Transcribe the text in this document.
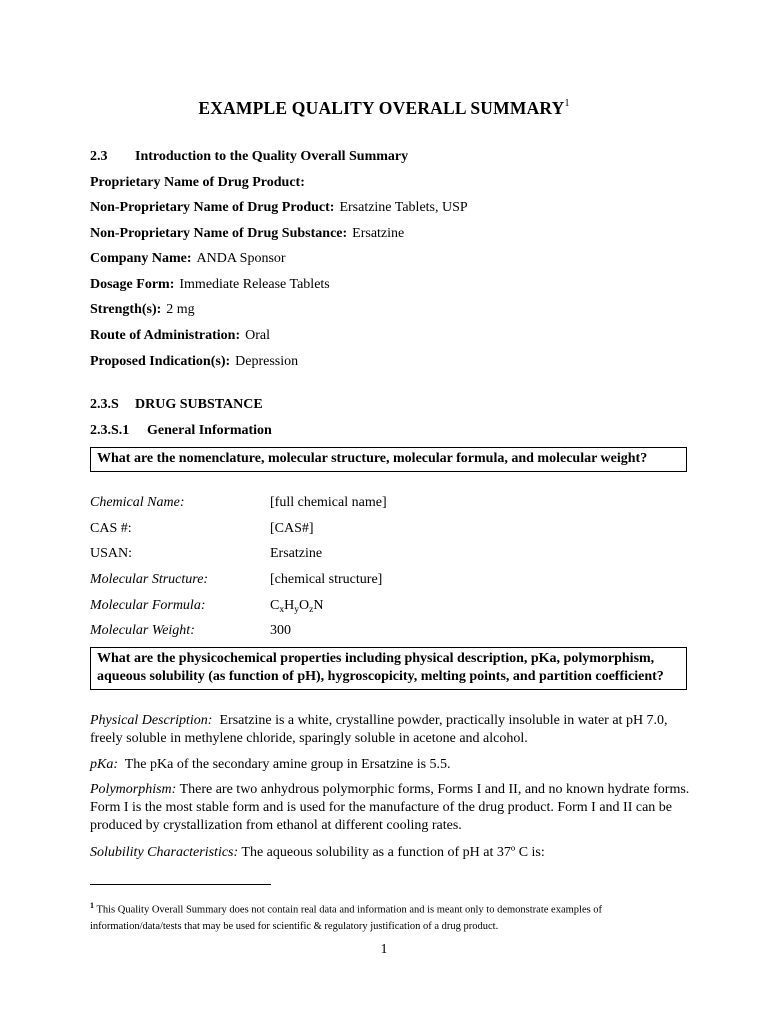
EXAMPLE QUALITY OVERALL SUMMARY$^1$
2.3 Introduction to the Quality Overall Summary
Proprietary Name of Drug Product:
Non-Proprietary Name of Drug Product: Ersatzine Tablets, USP
Non-Proprietary Name of Drug Substance: Ersatzine
Company Name: ANDA Sponsor
Dosage Form: Immediate Release Tablets
Strength(s): 2 mg
Route of Administration: Oral
Proposed Indication(s): Depression
2.3.S DRUG SUBSTANCE
2.3.S.1 General Information
What are the nomenclature, molecular structure, molecular formula, and molecular weight?
Chemical Name:	[full chemical name]
CAS #:	[CAS#]
USAN:	Ersatzine
Molecular Structure:	[chemical structure]
Molecular Formula:	$C_xH_yO_zN$
Molecular Weight:	300
What are the physicochemical properties including physical description, pKa, polymorphism, aqueous solubility (as function of pH), hygroscopicity, melting points, and partition coefficient?
Physical Description: Ersatzine is a white, crystalline powder, practically insoluble in water at pH 7.0, freely soluble in methylene chloride, sparingly soluble in acetone and alcohol.
pKa: The pKa of the secondary amine group in Ersatzine is 5.5.
Polymorphism: There are two anhydrous polymorphic forms, Forms I and II, and no known hydrate forms. Form I is the most stable form and is used for the manufacture of the drug product. Form I and II can be produced by crystallization from ethanol at different cooling rates.
Solubility Characteristics: The aqueous solubility as a function of pH at 37º C is:
$^1$ This Quality Overall Summary does not contain real data and information and is meant only to demonstrate examples of information/data/tests that may be used for scientific & regulatory justification of a drug product.
1
